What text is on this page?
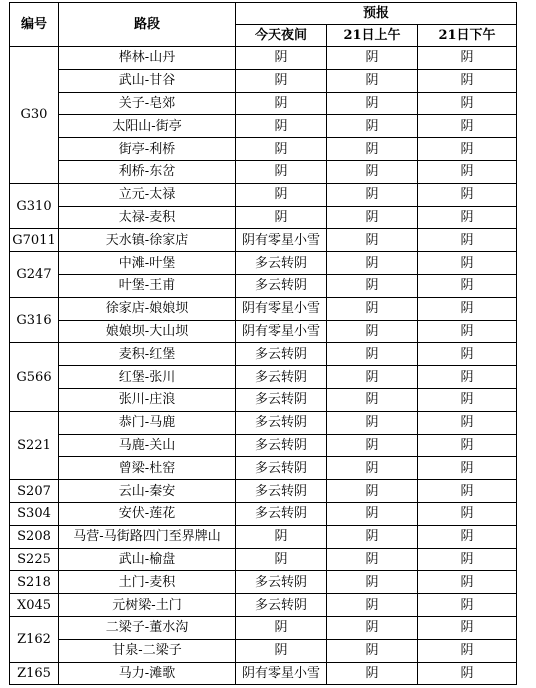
编号	路段	预报		
		今天夜间	21日上午	21日下午
G30	桦林-山丹	阴	阴	阴
	武山-甘谷	阴	阴	阴
	关子-皂郊	阴	阴	阴
	太阳山-街亭	阴	阴	阴
	街亭-利桥	阴	阴	阴
	利桥-东岔	阴	阴	阴
G310	立元-太禄	阴	阴	阴
	太禄-麦积	阴	阴	阴
G7011	天水镇-徐家店	阴有零星小雪	阴	阴
G247	中滩-叶堡	多云转阴	阴	阴
	叶堡-王甫	多云转阴	阴	阴
G316	徐家店-娘娘坝	阴有零星小雪	阴	阴
	娘娘坝-大山坝	阴有零星小雪	阴	阴
G566	麦积-红堡	多云转阴	阴	阴
	红堡-张川	多云转阴	阴	阴
	张川-庄浪	多云转阴	阴	阴
S221	恭门-马鹿	多云转阴	阴	阴
	马鹿-关山	多云转阴	阴	阴
	曾梁-杜窑	多云转阴	阴	阴
S207	云山-秦安	多云转阴	阴	阴
S304	安伏-莲花	多云转阴	阴	阴
S208	马营-马街路四门至界牌山	阴	阴	阴
S225	武山-榆盘	阴	阴	阴
S218	土门-麦积	多云转阴	阴	阴
X045	元树梁-土门	多云转阴	阴	阴
Z162	二梁子-董水沟	阴	阴	阴
	甘泉-二梁子	阴	阴	阴
Z165	马力-滩歌	阴有零星小雪	阴	阴
